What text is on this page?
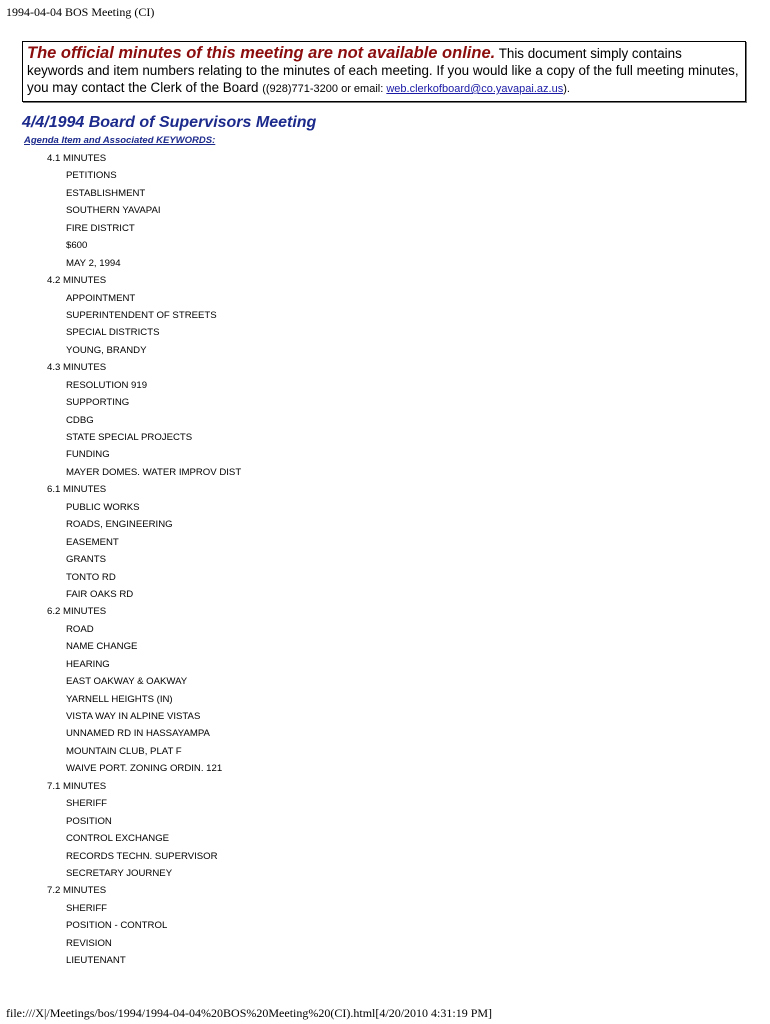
1994-04-04 BOS Meeting (CI)
The official minutes of this meeting are not available online. This document simply contains keywords and item numbers relating to the minutes of each meeting. If you would like a copy of the full meeting minutes, you may contact the Clerk of the Board ((928)771-3200 or email: web.clerkofboard@co.yavapai.az.us).
4/4/1994 Board of Supervisors Meeting
Agenda Item and Associated KEYWORDS:
4.1 MINUTES
PETITIONS
ESTABLISHMENT
SOUTHERN YAVAPAI
FIRE DISTRICT
$600
MAY 2, 1994
4.2 MINUTES
APPOINTMENT
SUPERINTENDENT OF STREETS
SPECIAL DISTRICTS
YOUNG, BRANDY
4.3 MINUTES
RESOLUTION 919
SUPPORTING
CDBG
STATE SPECIAL PROJECTS
FUNDING
MAYER DOMES. WATER IMPROV DIST
6.1 MINUTES
PUBLIC WORKS
ROADS, ENGINEERING
EASEMENT
GRANTS
TONTO RD
FAIR OAKS RD
6.2 MINUTES
ROAD
NAME CHANGE
HEARING
EAST OAKWAY & OAKWAY
YARNELL HEIGHTS (IN)
VISTA WAY IN ALPINE VISTAS
UNNAMED RD IN HASSAYAMPA
MOUNTAIN CLUB, PLAT F
WAIVE PORT. ZONING ORDIN. 121
7.1 MINUTES
SHERIFF
POSITION
CONTROL EXCHANGE
RECORDS TECHN. SUPERVISOR
SECRETARY JOURNEY
7.2 MINUTES
SHERIFF
POSITION - CONTROL
REVISION
LIEUTENANT
file:///X|/Meetings/bos/1994/1994-04-04%20BOS%20Meeting%20(CI).html[4/20/2010 4:31:19 PM]
